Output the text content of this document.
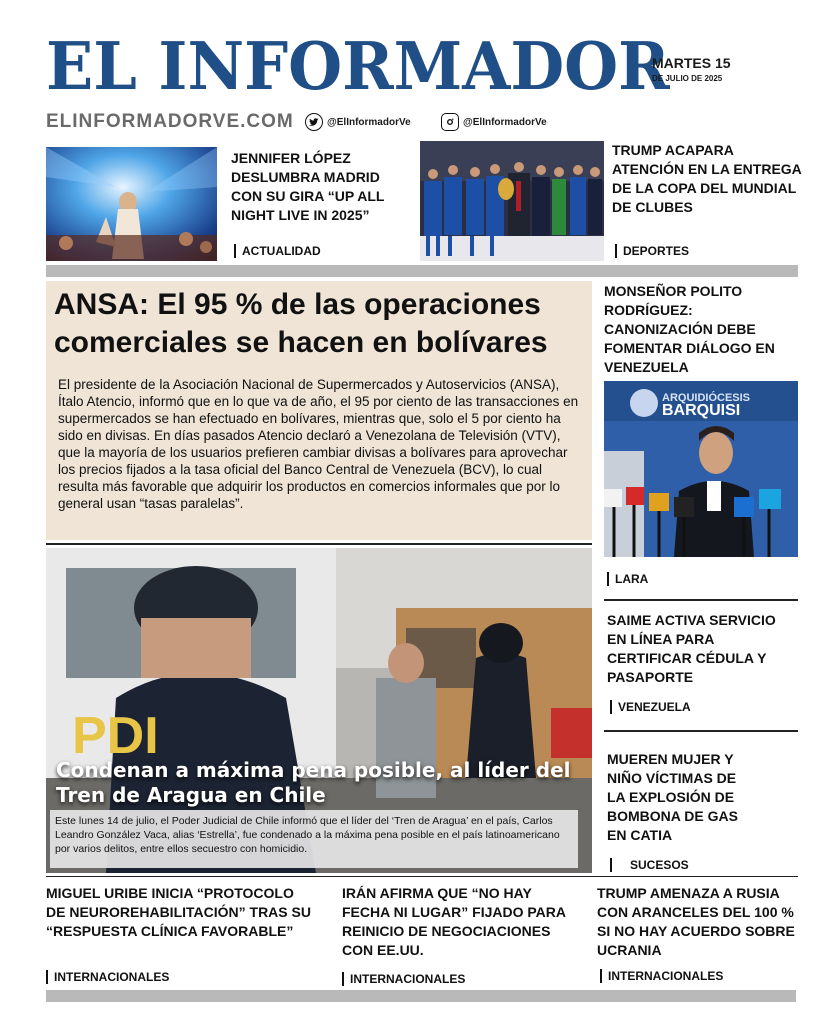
EL INFORMADOR
MARTES 15
DE JULIO DE 2025
ELINFORMADORVE.COM	@ElInformadorVe	@ElInformadorVe
JENNIFER LÓPEZ DESLUMBRA MADRID CON SU GIRA “UP ALL NIGHT LIVE IN 2025”
ACTUALIDAD
TRUMP ACAPARA ATENCIÓN EN LA ENTREGA DE LA COPA DEL MUNDIAL DE CLUBES
DEPORTES
ANSA: El 95 % de las operaciones comerciales se hacen en bolívares
El presidente de la Asociación Nacional de Supermercados y Autoservicios (ANSA), Ítalo Atencio, informó que en lo que va de año, el 95 por ciento de las transacciones en supermercados se han efectuado en bolívares, mientras que, solo el 5 por ciento ha sido en divisas. En días pasados Atencio declaró a Venezolana de Televisión (VTV), que la mayoría de los usuarios prefieren cambiar divisas a bolívares para aprovechar los precios fijados a la tasa oficial del Banco Central de Venezuela (BCV), lo cual resulta más favorable que adquirir los productos en comercios informales que por lo general usan “tasas paralelas”.
MONSEÑOR POLITO RODRÍGUEZ: CANONIZACIÓN DEBE FOMENTAR DIÁLOGO EN VENEZUELA
ARQUIDIÓCESIS
BARQUISI
LARA
SAIME ACTIVA SERVICIO EN LÍNEA PARA CERTIFICAR CÉDULA Y PASAPORTE
VENEZUELA
MUEREN MUJER Y NIÑO VÍCTIMAS DE LA EXPLOSIÓN DE BOMBONA DE GAS EN CATIA
SUCESOS
PDI
Condenan a máxima pena posible, al líder del Tren de Aragua en Chile
Este lunes 14 de julio, el Poder Judicial de Chile informó que el líder del ‘Tren de Aragua’ en el país, Carlos Leandro González Vaca, alias ‘Estrella’, fue condenado a la máxima pena posible en el país latinoamericano por varios delitos, entre ellos secuestro con homicidio.
MIGUEL URIBE INICIA “PROTOCOLO DE NEUROREHABILITACIÓN” TRAS SU “RESPUESTA CLÍNICA FAVORABLE”
INTERNACIONALES
IRÁN AFIRMA QUE “NO HAY FECHA NI LUGAR” FIJADO PARA REINICIO DE NEGOCIACIONES CON EE.UU.
INTERNACIONALES
TRUMP AMENAZA A RUSIA CON ARANCELES DEL 100 % SI NO HAY ACUERDO SOBRE UCRANIA
INTERNACIONALES
